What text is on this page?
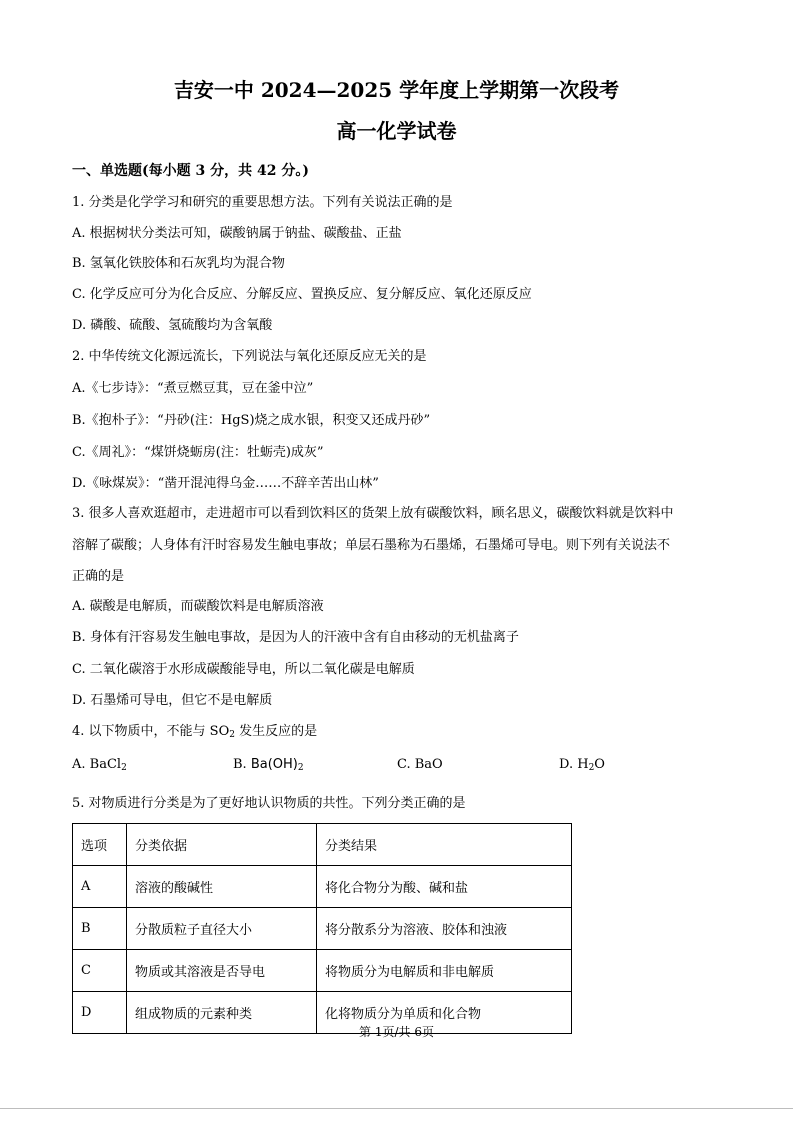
吉安一中 2024—2025 学年度上学期第一次段考
高一化学试卷
一、单选题(每小题 3 分，共 42 分。)
1. 分类是化学学习和研究的重要思想方法。下列有关说法正确的是
A. 根据树状分类法可知，碳酸钠属于钠盐、碳酸盐、正盐
B. 氢氧化铁胶体和石灰乳均为混合物
C. 化学反应可分为化合反应、分解反应、置换反应、复分解反应、氧化还原反应
D. 磷酸、硫酸、氢硫酸均为含氧酸
2. 中华传统文化源远流长，下列说法与氧化还原反应无关的是
A.《七步诗》：“煮豆燃豆萁，豆在釜中泣”
B.《抱朴子》：“丹砂(注：HgS)烧之成水银，积变又还成丹砂”
C.《周礼》：“煤饼烧蛎房(注：牡蛎壳)成灰”
D.《咏煤炭》：“凿开混沌得乌金……不辞辛苦出山林”
3. 很多人喜欢逛超市，走进超市可以看到饮料区的货架上放有碳酸饮料，顾名思义，碳酸饮料就是饮料中
溶解了碳酸；人身体有汗时容易发生触电事故；单层石墨称为石墨烯，石墨烯可导电。则下列有关说法不
正确的是
A. 碳酸是电解质，而碳酸饮料是电解质溶液
B. 身体有汗容易发生触电事故，是因为人的汗液中含有自由移动的无机盐离子
C. 二氧化碳溶于水形成碳酸能导电，所以二氧化碳是电解质
D. 石墨烯可导电，但它不是电解质
4. 以下物质中，不能与 $SO_2$ 发生反应的是
A. BaCl$_2$	B. $Ba(OH)_2$	C. BaO	D. $H_2O$
5. 对物质进行分类是为了更好地认识物质的共性。下列分类正确的是
选项	分类依据	分类结果
A	溶液的酸碱性	将化合物分为酸、碱和盐
B	分散质粒子直径大小	将分散系分为溶液、胶体和浊液
C	物质或其溶液是否导电	将物质分为电解质和非电解质
D	组成物质的元素种类	化将物质分为单质和化合物
第 1页/共 6页
